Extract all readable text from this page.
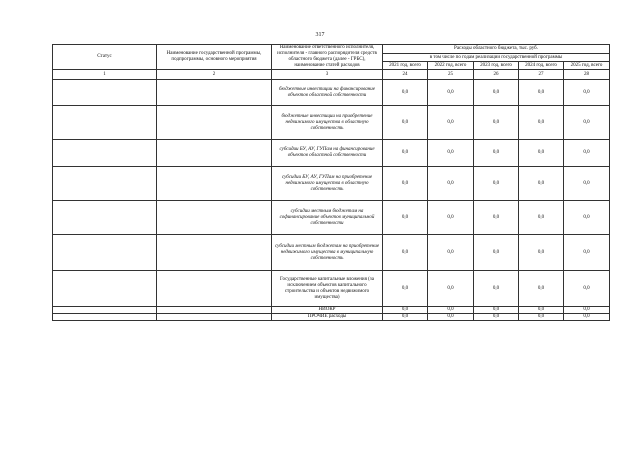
317
Статус	Наименование государственной программы, подпрограммы, основного мероприятия	Наименование ответственного исполнителя, исполнителя - главного распорядителя средств областного бюджета (далее - ГРБС), наименование статей расходов	Расходы областного бюджета, тыс. руб.				
			в том числе по годам реализации государственной программы				
			2021 год, всего	2022 год, всего	2023 год, всего	2024 год, всего	2025 год, всего
1	2	3	24	25	26	27	28
		бюджетные инвестиции на финансирование объектов областной собственности	0,0	0,0	0,0	0,0	0,0
		бюджетные инвестиции на приобретение недвижимого имущества в областную собственность	0,0	0,0	0,0	0,0	0,0
		субсидии БУ, АУ, ГУПам на финансирование объектов областной собственности	0,0	0,0	0,0	0,0	0,0
		субсидии БУ, АУ, ГУПам на приобретение недвижимого имущества в областную собственность	0,0	0,0	0,0	0,0	0,0
		субсидии местным бюджетам на софинансирование объектов муниципальной собственности	0,0	0,0	0,0	0,0	0,0
		субсидии местным бюджетам на приобретение недвижимого имущества в муниципальную собственность	0,0	0,0	0,0	0,0	0,0
		Государственные капитальные вложения (за исключением объектов капитального строительства и объектов недвижимого имущества)	0,0	0,0	0,0	0,0	0,0
		НИОКР	0,0	0,0	0,0	0,0	0,0
		ПРОЧИЕ расходы	0,0	0,0	0,0	0,0	0,0
